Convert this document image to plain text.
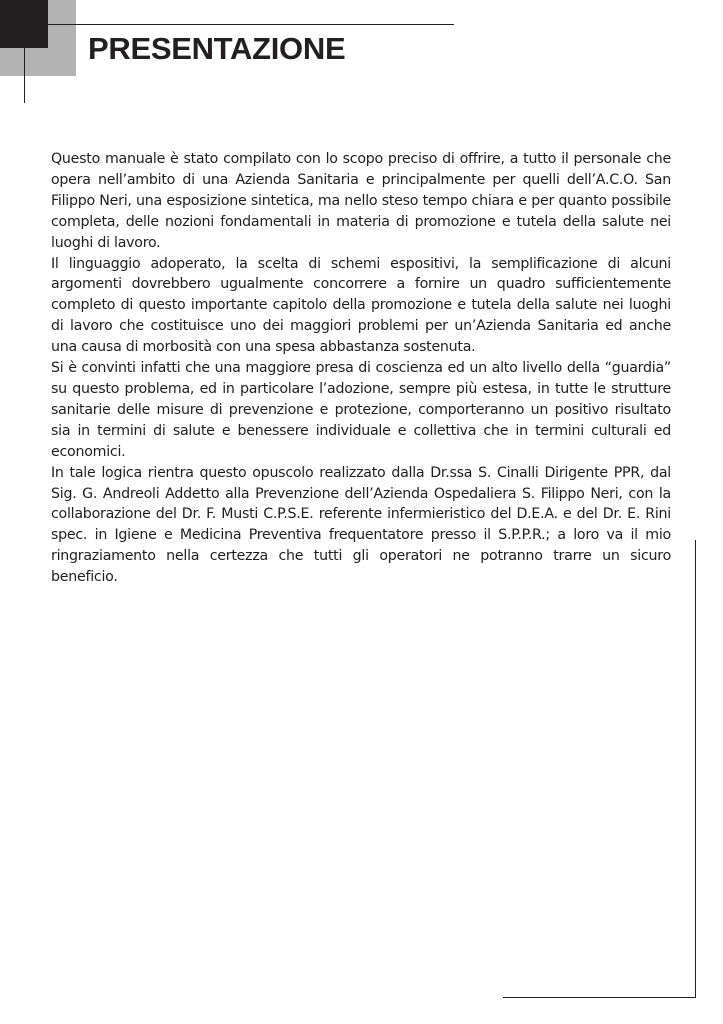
PRESENTAZIONE

Questo manuale è stato compilato con lo scopo preciso di offrire, a tutto il personale che opera nell’ambito di una Azienda Sanitaria e principalmente per quelli dell’A.C.O. San Filippo Neri, una esposizione sintetica, ma nello steso tempo chiara e per quanto possibile completa, delle nozioni fondamentali in materia di promozione e tutela della salute nei luoghi di lavoro.

Il linguaggio adoperato, la scelta di schemi espositivi, la semplificazione di alcuni argomenti dovrebbero ugualmente concorrere a fornire un quadro sufficientemente completo di questo importante capitolo della promozione e tutela della salute nei luoghi di lavoro che costituisce uno dei maggiori problemi per un’Azienda Sanitaria ed anche una causa di morbosità con una spesa abbastanza sostenuta.

Si è convinti infatti che una maggiore presa di coscienza ed un alto livello della “guardia” su questo problema, ed in particolare l’adozione, sempre più estesa, in tutte le strutture sanitarie delle misure di prevenzione e protezione, comporteranno un positivo risultato sia in termini di salute e benessere individuale e collettiva che in termini culturali ed economici.

In tale logica rientra questo opuscolo realizzato dalla Dr.ssa S. Cinalli Dirigente PPR, dal Sig. G. Andreoli Addetto alla Prevenzione dell’Azienda Ospedaliera S. Filippo Neri, con la collaborazione del Dr. F. Musti C.P.S.E. referente infermieristico del D.E.A. e del Dr. E. Rini spec. in Igiene e Medicina Preventiva frequentatore presso il S.P.P.R.; a loro va il mio ringraziamento nella certezza che tutti gli operatori ne potranno trarre un sicuro beneficio.
